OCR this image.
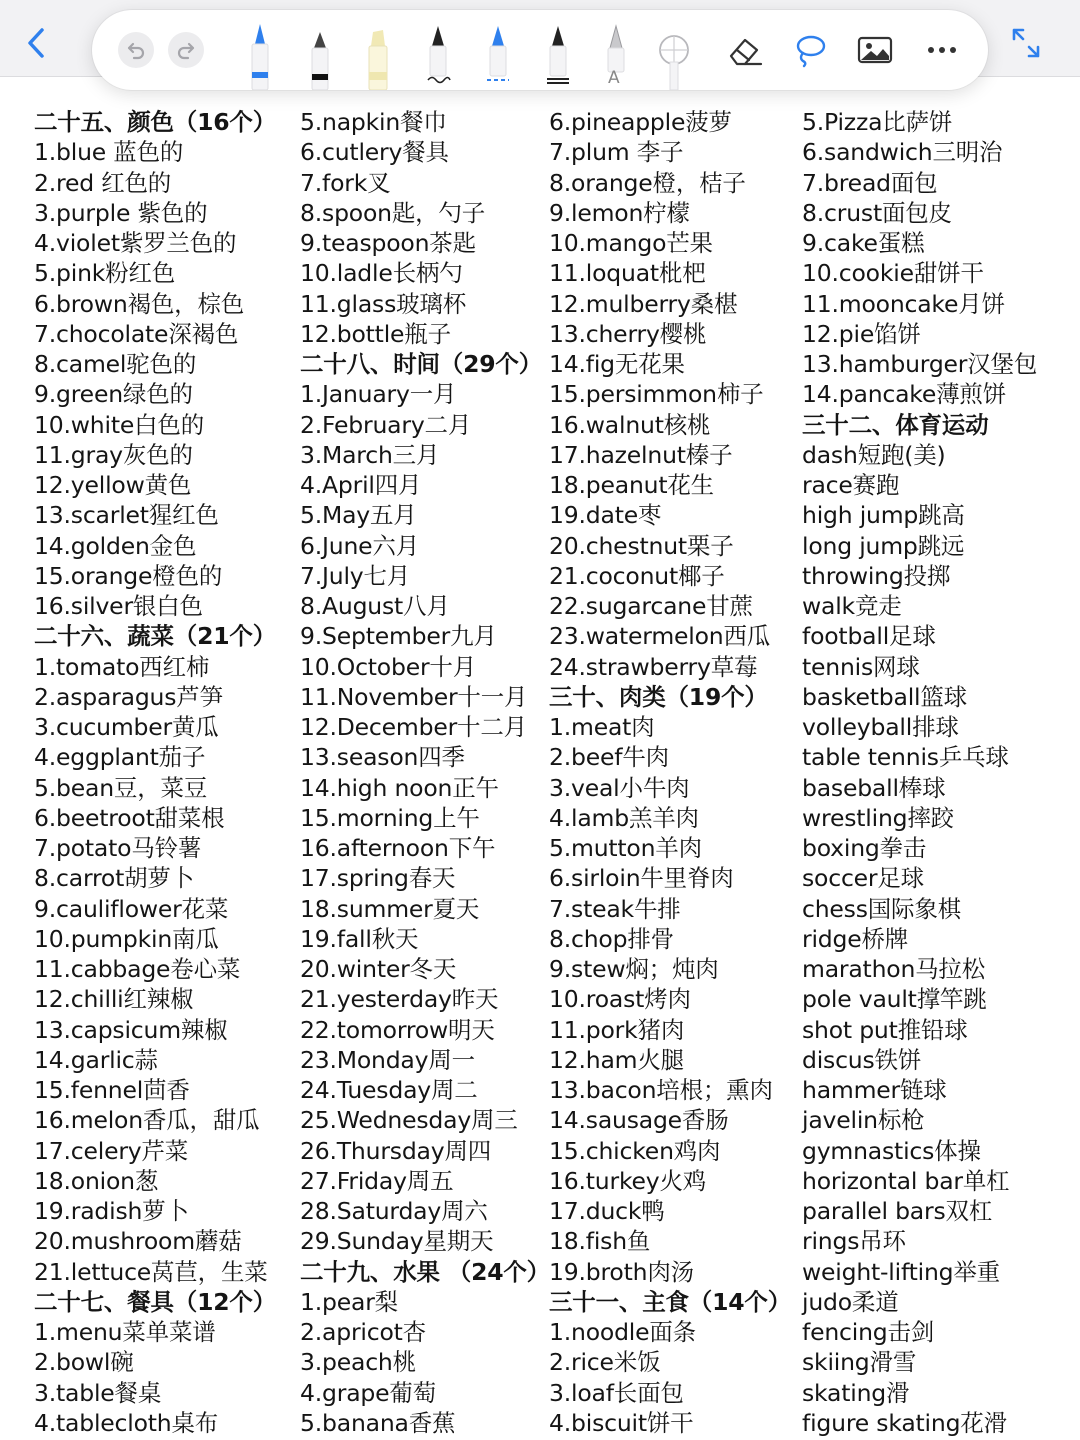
A
二十五、颜色（16个）
1.blue 蓝色的
2.red 红色的
3.purple 紫色的
4.violet紫罗兰色的
5.pink粉红色
6.brown褐色，棕色
7.chocolate深褐色
8.camel驼色的
9.green绿色的
10.white白色的
11.gray灰色的
12.yellow黄色
13.scarlet猩红色
14.golden金色
15.orange橙色的
16.silver银白色
二十六、蔬菜（21个）
1.tomato西红柿
2.asparagus芦笋
3.cucumber黄瓜
4.eggplant茄子
5.bean豆，菜豆
6.beetroot甜菜根
7.potato马铃薯
8.carrot胡萝卜
9.cauliflower花菜
10.pumpkin南瓜
11.cabbage卷心菜
12.chilli红辣椒
13.capsicum辣椒
14.garlic蒜
15.fennel茴香
16.melon香瓜，甜瓜
17.celery芹菜
18.onion葱
19.radish萝卜
20.mushroom蘑菇
21.lettuce莴苣，生菜
二十七、餐具（12个）
1.menu菜单菜谱
2.bowl碗
3.table餐桌
4.tablecloth桌布
5.napkin餐巾
6.cutlery餐具
7.fork叉
8.spoon匙，勺子
9.teaspoon茶匙
10.ladle长柄勺
11.glass玻璃杯
12.bottle瓶子
二十八、时间（29个）
1.January一月
2.February二月
3.March三月
4.April四月
5.May五月
6.June六月
7.July七月
8.August八月
9.September九月
10.October十月
11.November十一月
12.December十二月
13.season四季
14.high noon正午
15.morning上午
16.afternoon下午
17.spring春天
18.summer夏天
19.fall秋天
20.winter冬天
21.yesterday昨天
22.tomorrow明天
23.Monday周一
24.Tuesday周二
25.Wednesday周三
26.Thursday周四
27.Friday周五
28.Saturday周六
29.Sunday星期天
二十九、水果 （24个）
1.pear梨
2.apricot杏
3.peach桃
4.grape葡萄
5.banana香蕉
6.pineapple菠萝
7.plum 李子
8.orange橙，桔子
9.lemon柠檬
10.mango芒果
11.loquat枇杷
12.mulberry桑椹
13.cherry樱桃
14.fig无花果
15.persimmon柿子
16.walnut核桃
17.hazelnut榛子
18.peanut花生
19.date枣
20.chestnut栗子
21.coconut椰子
22.sugarcane甘蔗
23.watermelon西瓜
24.strawberry草莓
三十、肉类（19个）
1.meat肉
2.beef牛肉
3.veal小牛肉
4.lamb羔羊肉
5.mutton羊肉
6.sirloin牛里脊肉
7.steak牛排
8.chop排骨
9.stew焖；炖肉
10.roast烤肉
11.pork猪肉
12.ham火腿
13.bacon培根；熏肉
14.sausage香肠
15.chicken鸡肉
16.turkey火鸡
17.duck鸭
18.fish鱼
19.broth肉汤
三十一、主食（14个）
1.noodle面条
2.rice米饭
3.loaf长面包
4.biscuit饼干
5.Pizza比萨饼
6.sandwich三明治
7.bread面包
8.crust面包皮
9.cake蛋糕
10.cookie甜饼干
11.mooncake月饼
12.pie馅饼
13.hamburger汉堡包
14.pancake薄煎饼
三十二、体育运动
dash短跑(美)
race赛跑
high jump跳高
long jump跳远
throwing投掷
walk竞走
football足球
tennis网球
basketball篮球
volleyball排球
table tennis乒乓球
baseball棒球
wrestling摔跤
boxing拳击
soccer足球
chess国际象棋
ridge桥牌
marathon马拉松
pole vault撑竿跳
shot put推铅球
discus铁饼
hammer链球
javelin标枪
gymnastics体操
horizontal bar单杠
parallel bars双杠
rings吊环
weight-lifting举重
judo柔道
fencing击剑
skiing滑雪
skating滑
figure skating花滑
